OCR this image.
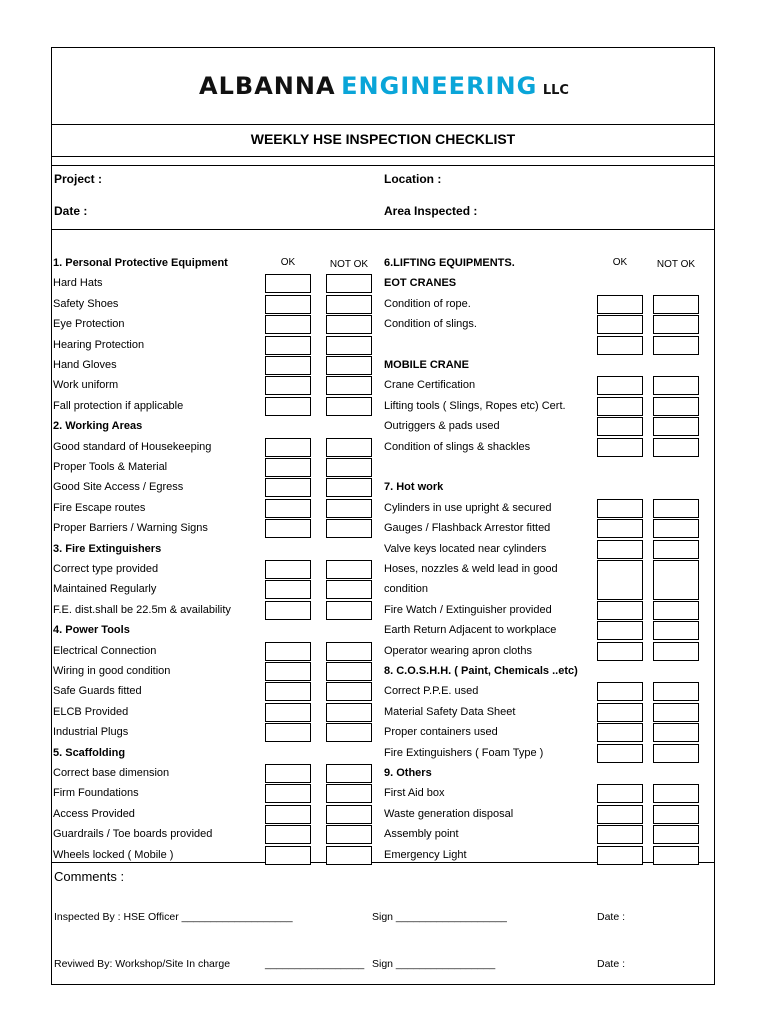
ALBANNA ENGINEERING LLC
WEEKLY HSE INSPECTION CHECKLIST
Project :	Location :
Date :	Area Inspected :
OK	NOT OK	OK	NOT OK
1. Personal Protective Equipment
Hard Hats
Safety Shoes
Eye Protection
Hearing Protection
Hand Gloves
Work uniform
Fall protection if applicable
2. Working Areas
Good standard of Housekeeping
Proper Tools & Material
Good Site Access / Egress
Fire Escape routes
Proper Barriers / Warning Signs
3. Fire Extinguishers
Correct type provided
Maintained Regularly
F.E. dist.shall be 22.5m & availability
4. Power Tools
Electrical Connection
Wiring in good condition
Safe Guards fitted
ELCB Provided
Industrial Plugs
5. Scaffolding
Correct base dimension
Firm Foundations
Access Provided
Guardrails / Toe boards provided
Wheels locked ( Mobile )
6.LIFTING EQUIPMENTS.
EOT CRANES
Condition of rope.
Condition of slings.
MOBILE CRANE
Crane Certification
Lifting tools ( Slings, Ropes etc) Cert.
Outriggers & pads used
Condition of slings & shackles
7. Hot work
Cylinders in use upright & secured
Gauges / Flashback Arrestor fitted
Valve keys located near cylinders
Hoses, nozzles & weld lead in good
condition
Fire Watch / Extinguisher provided
Earth Return Adjacent to workplace
Operator wearing apron cloths
8. C.O.S.H.H. ( Paint, Chemicals ..etc)
Correct P.P.E. used
Material Safety Data Sheet
Proper containers used
Fire Extinguishers ( Foam Type )
9. Others
First Aid box
Waste generation disposal
Assembly point
Emergency Light
Comments :
Inspected By : HSE Officer ___________________	Sign ___________________	Date :
Reviwed By: Workshop/Site In charge	_________________ Sign _________________	Date :
